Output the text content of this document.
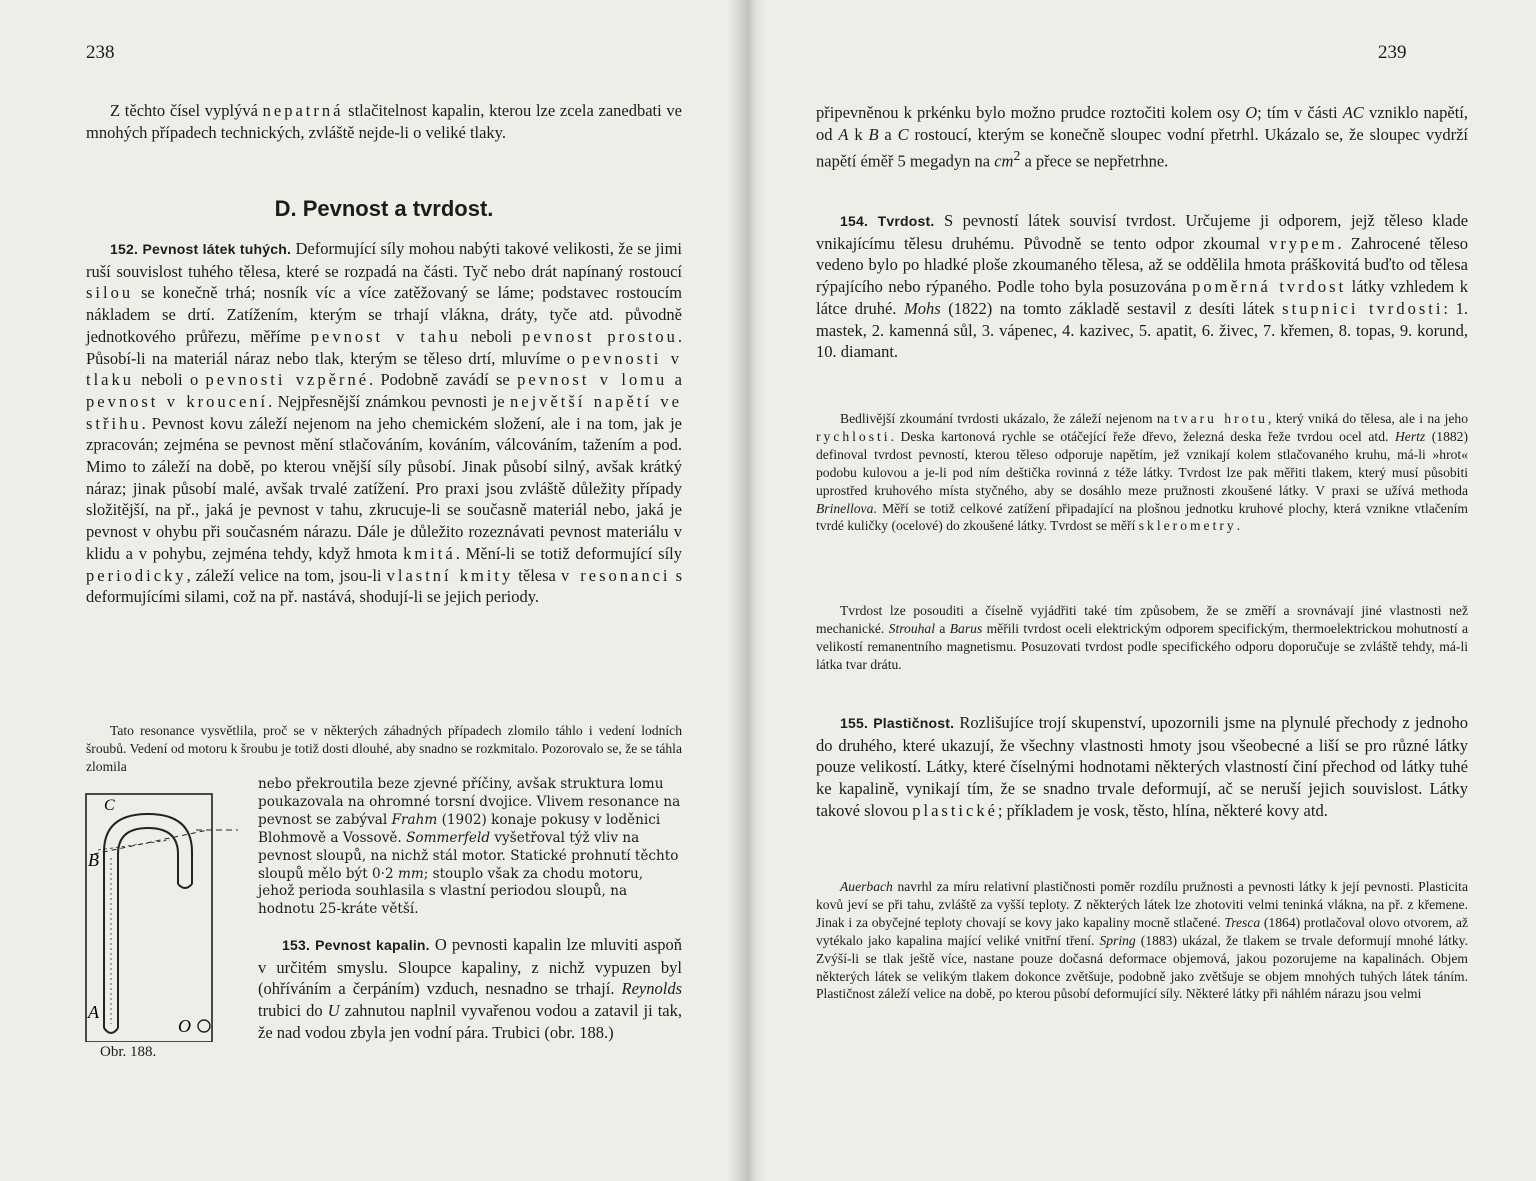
238

Z těchto čísel vyplývá nepatrná stlačitelnost kapalin, kterou lze zcela zanedbati ve mnohých případech technických, zvláště nejde-li o veliké tlaky.

D. Pevnost a tvrdost.

152. Pevnost látek tuhých. Deformující síly mohou nabýti takové velikosti, že se jimi ruší souvislost tuhého tělesa, které se rozpadá na části. Tyč nebo drát napínaný rostoucí silou se konečně trhá; nosník víc a více zatěžovaný se láme; podstavec rostoucím nákladem se drtí. Zatížením, kterým se trhají vlákna, dráty, tyče atd. původně jednotkového průřezu, měříme pevnost v tahu neboli pevnost prostou. Působí-li na materiál náraz nebo tlak, kterým se těleso drtí, mluvíme o pevnosti v tlaku neboli o pevnosti vzpěrné. Podobně zavádí se pevnost v lomu a pevnost v kroucení. Nejpřesnější známkou pevnosti je největší napětí ve střihu. Pevnost kovu záleží nejenom na jeho chemickém složení, ale i na tom, jak je zpracován; zejména se pevnost mění stlačováním, kováním, válcováním, tažením a pod. Mimo to záleží na době, po kterou vnější síly působí. Jinak působí silný, avšak krátký náraz; jinak působí malé, avšak trvalé zatížení. Pro praxi jsou zvláště důležity případy složitější, na př., jaká je pevnost v tahu, zkrucuje-li se současně materiál nebo, jaká je pevnost v ohybu při současném nárazu. Dále je důležito rozeznávati pevnost materiálu v klidu a v pohybu, zejména tehdy, když hmota kmitá. Mění-li se totiž deformující síly periodicky, záleží velice na tom, jsou-li vlastní kmity tělesa v resonanci s deformujícími silami, což na př. nastává, shodují-li se jejich periody.

Tato resonance vysvětlila, proč se v některých záhadných případech zlomilo táhlo i vedení lodních šroubů. Vedení od motoru k šroubu je totiž dosti dlouhé, aby snadno se rozkmitalo. Pozorovalo se, že se táhla zlomila

nebo překroutila beze zjevné příčiny, avšak struktura lomu poukazovala na ohromné torsní dvojice. Vlivem resonance na pevnost se zabýval Frahm (1902) konaje pokusy v loděnici Blohmově a Vossově. Sommerfeld vyšetřoval týž vliv na pevnost sloupů, na nichž stál motor. Statické prohnutí těchto sloupů mělo být 0·2 mm; stouplo však za chodu motoru, jehož perioda souhlasila s vlastní periodou sloupů, na hodnotu 25-kráte větší.

153. Pevnost kapalin. O pevnosti kapalin lze mluviti aspoň v určitém smyslu. Sloupce kapaliny, z nichž vypuzen byl (ohříváním a čerpáním) vzduch, nesnadno se trhají. Reynolds trubici do U zahnutou naplnil vyvařenou vodou a zatavil ji tak, že nad vodou zbyla jen vodní pára. Trubici (obr. 188.)

C
B
A
O
Obr. 188.
239

připevněnou k prkénku bylo možno prudce roztočiti kolem osy O; tím v části AC vzniklo napětí, od A k B a C rostoucí, kterým se konečně sloupec vodní přetrhl. Ukázalo se, že sloupec vydrží napětí éměř 5 megadyn na $cm^2$ a přece se nepřetrhne.

154. Tvrdost. S pevností látek souvisí tvrdost. Určujeme ji odporem, jejž těleso klade vnikajícímu tělesu druhému. Původně se tento odpor zkoumal vrypem. Zahrocené těleso vedeno bylo po hladké ploše zkoumaného tělesa, až se oddělila hmota práškovitá buďto od tělesa rýpajícího nebo rýpaného. Podle toho byla posuzována poměrná tvrdost látky vzhledem k látce druhé. Mohs (1822) na tomto základě sestavil z desíti látek stupnici tvrdosti: 1. mastek, 2. kamenná sůl, 3. vápenec, 4. kazivec, 5. apatit, 6. živec, 7. křemen, 8. topas, 9. korund, 10. diamant.

Bedlivější zkoumání tvrdosti ukázalo, že záleží nejenom na tvaru hrotu, který vniká do tělesa, ale i na jeho rychlosti. Deska kartonová rychle se otáčející řeže dřevo, železná deska řeže tvrdou ocel atd. Hertz (1882) definoval tvrdost pevností, kterou těleso odporuje napětím, jež vznikají kolem stlačovaného kruhu, má-li »hrot« podobu kulovou a je-li pod ním deštička rovinná z téže látky. Tvrdost lze pak měřiti tlakem, který musí působiti uprostřed kruhového místa styčného, aby se dosáhlo meze pružnosti zkoušené látky. V praxi se užívá methoda Brinellova. Měří se totiž celkové zatížení připadající na plošnou jednotku kruhové plochy, která vznikne vtlačením tvrdé kuličky (ocelové) do zkoušené látky. Tvrdost se měří sklerometry.

Tvrdost lze posouditi a číselně vyjádřiti také tím způsobem, že se změří a srovnávají jiné vlastnosti než mechanické. Strouhal a Barus měřili tvrdost oceli elektrickým odporem specifickým, thermoelektrickou mohutností a velikostí remanentního magnetismu. Posuzovati tvrdost podle specifického odporu doporučuje se zvláště tehdy, má-li látka tvar drátu.

155. Plastičnost. Rozlišujíce trojí skupenství, upozornili jsme na plynulé přechody z jednoho do druhého, které ukazují, že všechny vlastnosti hmoty jsou všeobecné a liší se pro různé látky pouze velikostí. Látky, které číselnými hodnotami některých vlastností činí přechod od látky tuhé ke kapalině, vynikají tím, že se snadno trvale deformují, ač se neruší jejich souvislost. Látky takové slovou plastické; příkladem je vosk, těsto, hlína, některé kovy atd.

Auerbach navrhl za míru relativní plastičnosti poměr rozdílu pružnosti a pevnosti látky k její pevnosti. Plasticita kovů jeví se při tahu, zvláště za vyšší teploty. Z některých látek lze zhotoviti velmi teninká vlákna, na př. z křemene. Jinak i za obyčejné teploty chovají se kovy jako kapaliny mocně stlačené. Tresca (1864) protlačoval olovo otvorem, až vytékalo jako kapalina mající veliké vnitřní tření. Spring (1883) ukázal, že tlakem se trvale deformují mnohé látky. Zvýší-li se tlak ještě více, nastane pouze dočasná deformace objemová, jakou pozorujeme na kapalinách. Objem některých látek se velikým tlakem dokonce zvětšuje, podobně jako zvětšuje se objem mnohých tuhých látek táním. Plastičnost záleží velice na době, po kterou působí deformující síly. Některé látky při náhlém nárazu jsou velmi
